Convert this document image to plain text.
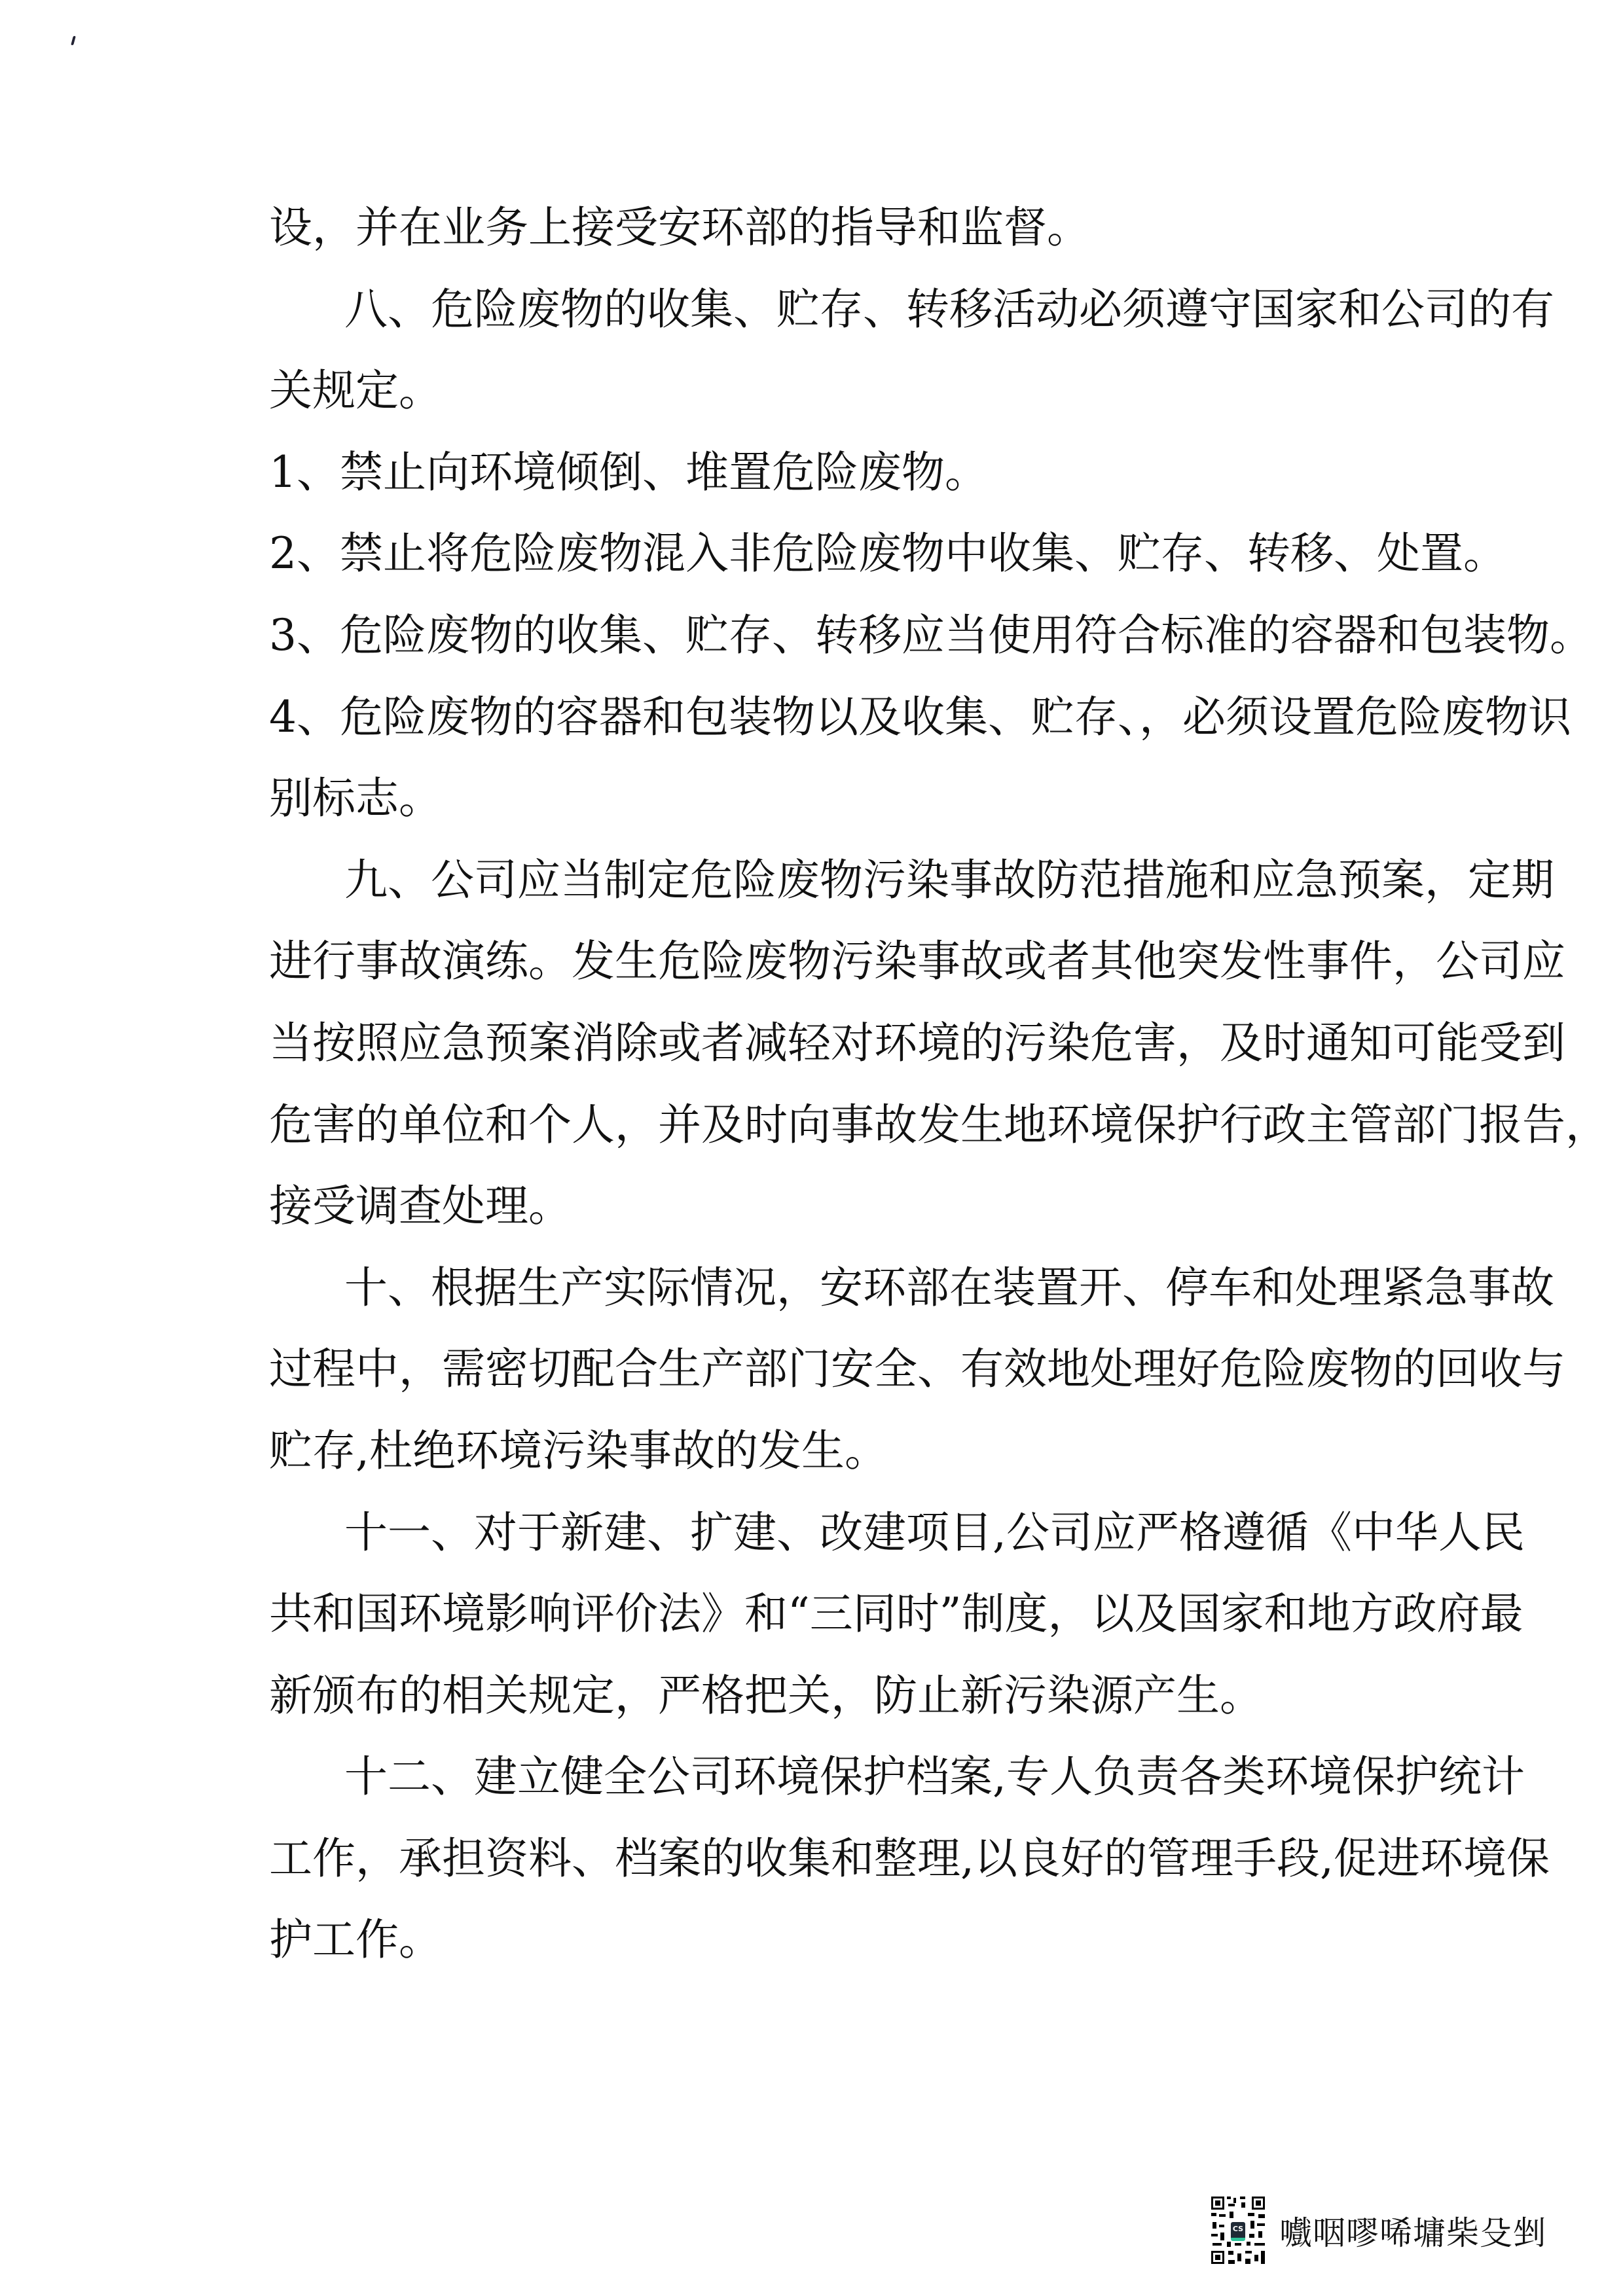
设，并在业务上接受安环部的指导和监督。
八、危险废物的收集、贮存、转移活动必须遵守国家和公司的有
关规定。
1、禁止向环境倾倒、堆置危险废物。
2、禁止将危险废物混入非危险废物中收集、贮存、转移、处置。
3、危险废物的收集、贮存、转移应当使用符合标准的容器和包装物。
4、危险废物的容器和包装物以及收集、贮存、，必须设置危险废物识
别标志。
九、公司应当制定危险废物污染事故防范措施和应急预案，定期
进行事故演练。发生危险废物污染事故或者其他突发性事件，公司应
当按照应急预案消除或者减轻对环境的污染危害，及时通知可能受到
危害的单位和个人，并及时向事故发生地环境保护行政主管部门报告，
接受调查处理。
十、根据生产实际情况，安环部在装置开、停车和处理紧急事故
过程中，需密切配合生产部门安全、有效地处理好危险废物的回收与
贮存,杜绝环境污染事故的发生。
十一、对于新建、扩建、改建项目,公司应严格遵循《中华人民
共和国环境影响评价法》和“三同时”制度，以及国家和地方政府最
新颁布的相关规定，严格把关，防止新污染源产生。
十二、建立健全公司环境保护档案,专人负责各类环境保护统计
工作，承担资料、档案的收集和整理,以良好的管理手段,促进环境保
护工作。
CS 嚱咽嘐唏墉柴殳剉
